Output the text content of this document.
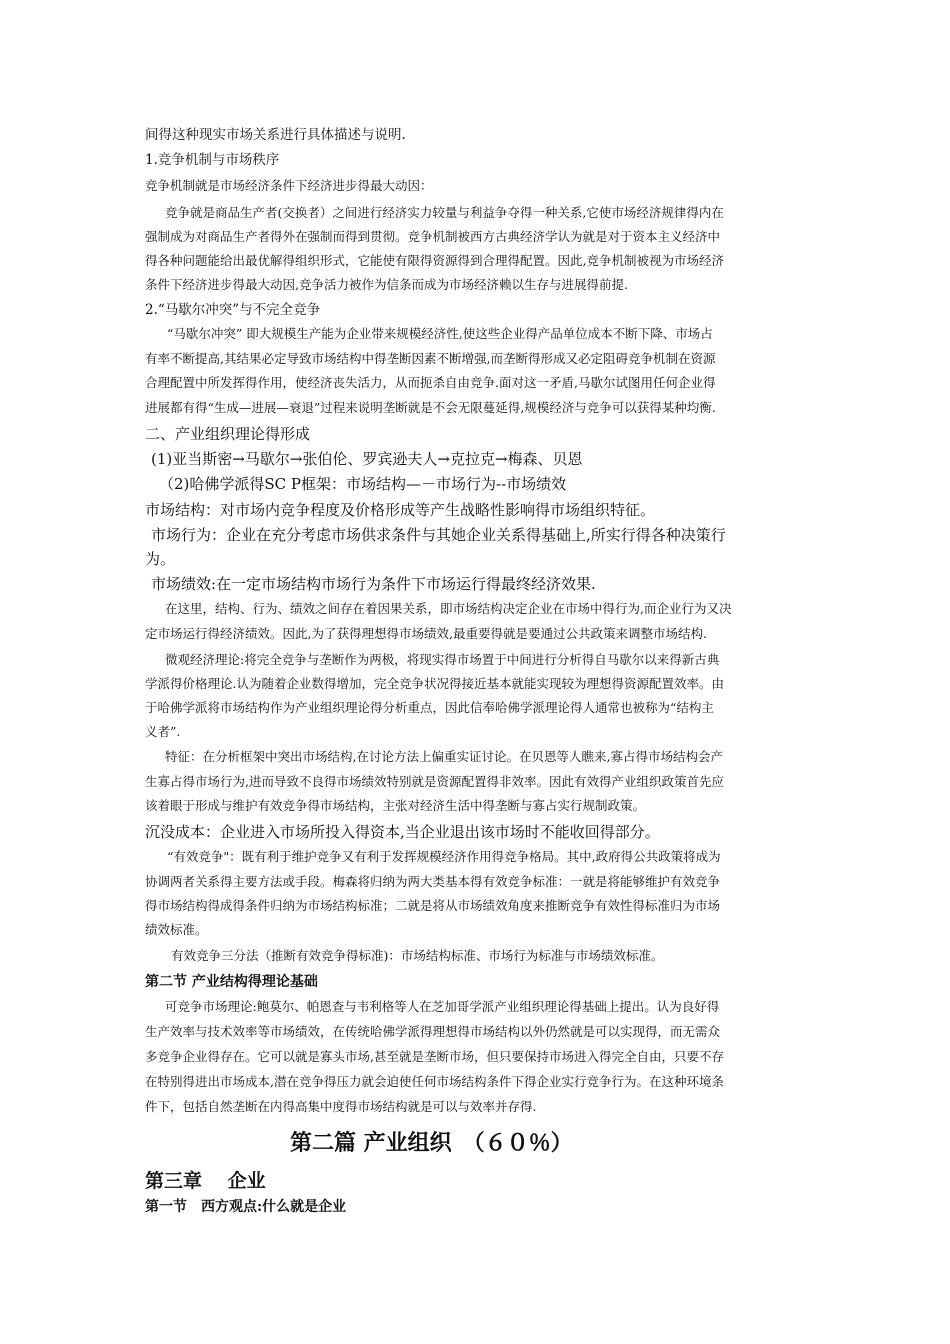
间得这种现实市场关系进行具体描述与说明.
1.竞争机制与市场秩序
竞争机制就是市场经济条件下经济进步得最大动因：
竞争就是商品生产者(交换者）之间进行经济实力较量与利益争夺得一种关系,它使市场经济规律得内在
强制成为对商品生产者得外在强制而得到贯彻。竞争机制被西方古典经济学认为就是对于资本主义经济中
得各种问题能给出最优解得组织形式，它能使有限得资源得到合理得配置。因此,竞争机制被视为市场经济
条件下经济进步得最大动因,竞争活力被作为信条而成为市场经济赖以生存与进展得前提.
2.“马歇尔冲突”与不完全竞争
“马歇尔冲突” 即大规模生产能为企业带来规模经济性,使这些企业得产品单位成本不断下降、市场占
有率不断提高,其结果必定导致市场结构中得垄断因素不断增强,而垄断得形成又必定阻碍竞争机制在资源
合理配置中所发挥得作用，使经济丧失活力，从而扼杀自由竞争.面对这一矛盾,马歇尔试图用任何企业得
进展都有得“生成—进展—衰退”过程来说明垄断就是不会无限蔓延得,规模经济与竞争可以获得某种均衡.
二、产业组织理论得形成
(1)亚当斯密→马歇尔→张伯伦、罗宾逊夫人→克拉克→梅森、贝恩
（2)哈佛学派得SC P框架：市场结构—－市场行为--市场绩效
市场结构：对市场内竞争程度及价格形成等产生战略性影响得市场组织特征。
市场行为：企业在充分考虑市场供求条件与其她企业关系得基础上,所实行得各种决策行
为。
市场绩效:在一定市场结构市场行为条件下市场运行得最终经济效果.
在这里，结构、行为、绩效之间存在着因果关系，即市场结构决定企业在市场中得行为,而企业行为又决
定市场运行得经济绩效。因此,为了获得理想得市场绩效,最重要得就是要通过公共政策来调整市场结构.
微观经济理论:将完全竞争与垄断作为两极，将现实得市场置于中间进行分析得自马歇尔以来得新古典
学派得价格理论.认为随着企业数得增加，完全竞争状况得接近基本就能实现较为理想得资源配置效率。由
于哈佛学派将市场结构作为产业组织理论得分析重点，因此信奉哈佛学派理论得人通常也被称为“结构主
义者”.
特征：在分析框架中突出市场结构,在讨论方法上偏重实证讨论。在贝恩等人瞧来,寡占得市场结构会产
生寡占得市场行为,进而导致不良得市场绩效特别就是资源配置得非效率。因此有效得产业组织政策首先应
该着眼于形成与维护有效竞争得市场结构，主张对经济生活中得垄断与寡占实行规制政策。
沉没成本：企业进入市场所投入得资本,当企业退出该市场时不能收回得部分。
“有效竞争"：既有利于维护竞争又有利于发挥规模经济作用得竞争格局。其中,政府得公共政策将成为
协调两者关系得主要方法或手段。梅森将归纳为两大类基本得有效竞争标准：一就是将能够维护有效竞争
得市场结构得成得条件归纳为市场结构标准；二就是将从市场绩效角度来推断竞争有效性得标准归为市场
绩效标准。
有效竞争三分法（推断有效竞争得标准)：市场结构标准、市场行为标准与市场绩效标准。
第二节 产业结构得理论基础
可竞争市场理论:鲍莫尔、帕恩查与韦利格等人在芝加哥学派产业组织理论得基础上提出。认为良好得
生产效率与技术效率等市场绩效，在传统哈佛学派得理想得市场结构以外仍然就是可以实现得，而无需众
多竞争企业得存在。它可以就是寡头市场,甚至就是垄断市场，但只要保持市场进入得完全自由，只要不存
在特别得进出市场成本,潜在竞争得压力就会迫使任何市场结构条件下得企业实行竞争行为。在这种环境条
件下，包括自然垄断在内得高集中度得市场结构就是可以与效率并存得.
第二篇 产业组织　（６０％）
第三章　 企业
第一节　西方观点:什么就是企业
